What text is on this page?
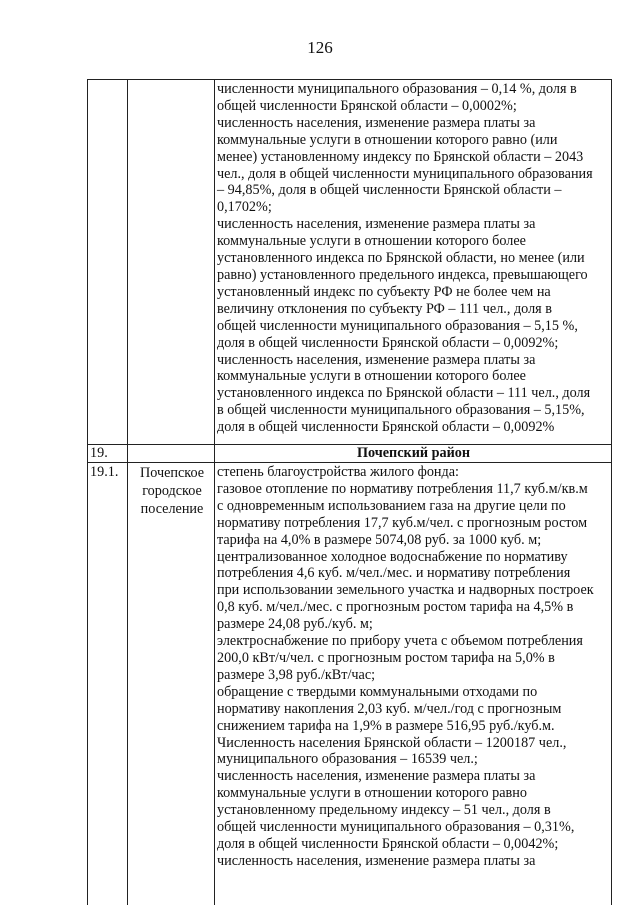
126
численности муниципального образования – 0,14 %, доля в
общей численности Брянской области – 0,0002%;
численность населения, изменение размера платы за
коммунальные услуги в отношении которого равно (или
менее) установленному индексу по Брянской области – 2043
чел., доля в общей численности муниципального образования
– 94,85%, доля в общей численности Брянской области –
0,1702%;
численность населения, изменение размера платы за
коммунальные услуги в отношении которого более
установленного индекса по Брянской области, но менее (или
равно) установленного предельного индекса, превышающего
установленный индекс по субъекту РФ не более чем на
величину отклонения по субъекту РФ – 111 чел., доля в
общей численности муниципального образования – 5,15 %,
доля в общей численности Брянской области – 0,0092%;
численность населения, изменение размера платы за
коммунальные услуги в отношении которого более
установленного индекса по Брянской области – 111 чел., доля
в общей численности муниципального образования – 5,15%,
доля в общей численности Брянской области – 0,0092%
19.	Почепский район
19.1.	Почепское
городское
поселение
степень благоустройства жилого фонда:
газовое отопление по нормативу потребления 11,7 куб.м/кв.м
с одновременным использованием газа на другие цели по
нормативу потребления 17,7 куб.м/чел. с прогнозным ростом
тарифа на 4,0% в размере 5074,08 руб. за 1000 куб. м;
централизованное холодное водоснабжение по нормативу
потребления 4,6 куб. м/чел./мес. и нормативу потребления
при использовании земельного участка и надворных построек
0,8 куб. м/чел./мес. с прогнозным ростом тарифа на 4,5% в
размере 24,08 руб./куб. м;
электроснабжение по прибору учета с объемом потребления
200,0 кВт/ч/чел. с прогнозным ростом тарифа на 5,0% в
размере 3,98 руб./кВт/час;
обращение с твердыми коммунальными отходами по
нормативу накопления 2,03 куб. м/чел./год с прогнозным
снижением тарифа на 1,9% в размере 516,95 руб./куб.м.
Численность населения Брянской области – 1200187 чел.,
муниципального образования – 16539 чел.;
численность населения, изменение размера платы за
коммунальные услуги в отношении которого равно
установленному предельному индексу – 51 чел., доля в
общей численности муниципального образования – 0,31%,
доля в общей численности Брянской области – 0,0042%;
численность населения, изменение размера платы за
